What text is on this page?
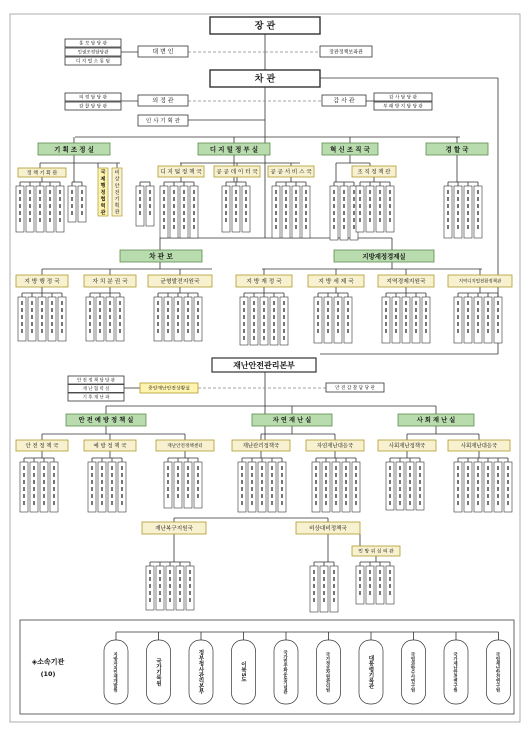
장 관
홍 보 담 당 관
인권조정담당관
디 지 털 소 통 팀
대 변 인	장관정책보좌관
차 관
의 정 담 당 관
감 찰 담 당 관
의 정 관	감 사 관	감 사 담 당 관
부 패 방 지 담 당 관
인 사 기 획 관
기 획 조 정 실	디 지 털 정 부 실	혁 신 조 직 국	경 할 국
정 책 기 획 관	국 제 행 정 협 력 관 비 상 안 전 기 획 관	디 지 털 정 책 국	공 공 데 이 터 국 공 공 서 비 스 국	조 직 정 책 관
차 관 보	지방재정경제실
지 방 행 정 국	자 치 분 권 국	균형발전지원국	지 방 재 정 국	지 방 세 제 국	지역경제지원국	지역디지털전환정책관
재난안전관리본부
안 전 정 책 담 당 관
재 난 협 력 실
기 후 재 난 과
중앙재난안전상황실	안 전 감 찰 담 당 관
안 전 예 방 정 책 실	자 연 재 난 실	사 회 재 난 실
안 전 정 책 국	예 방 정 책 국	재난안전정책센터	재난관리정책국	자연재난대응국	사회재난정책국	사회재난대응국
재난복구지원국	비상대비정책국
민 방 위 심 의 관
◈소속기관
(10)	지방자치인재개발원	국가기록원	정부청사관리본부	이북5도	국가민주화운동기념관	국가정보자원관리원	대통령기록관	국립과학수사연구원	국가재난안전연구원	국립재난안전연구원
